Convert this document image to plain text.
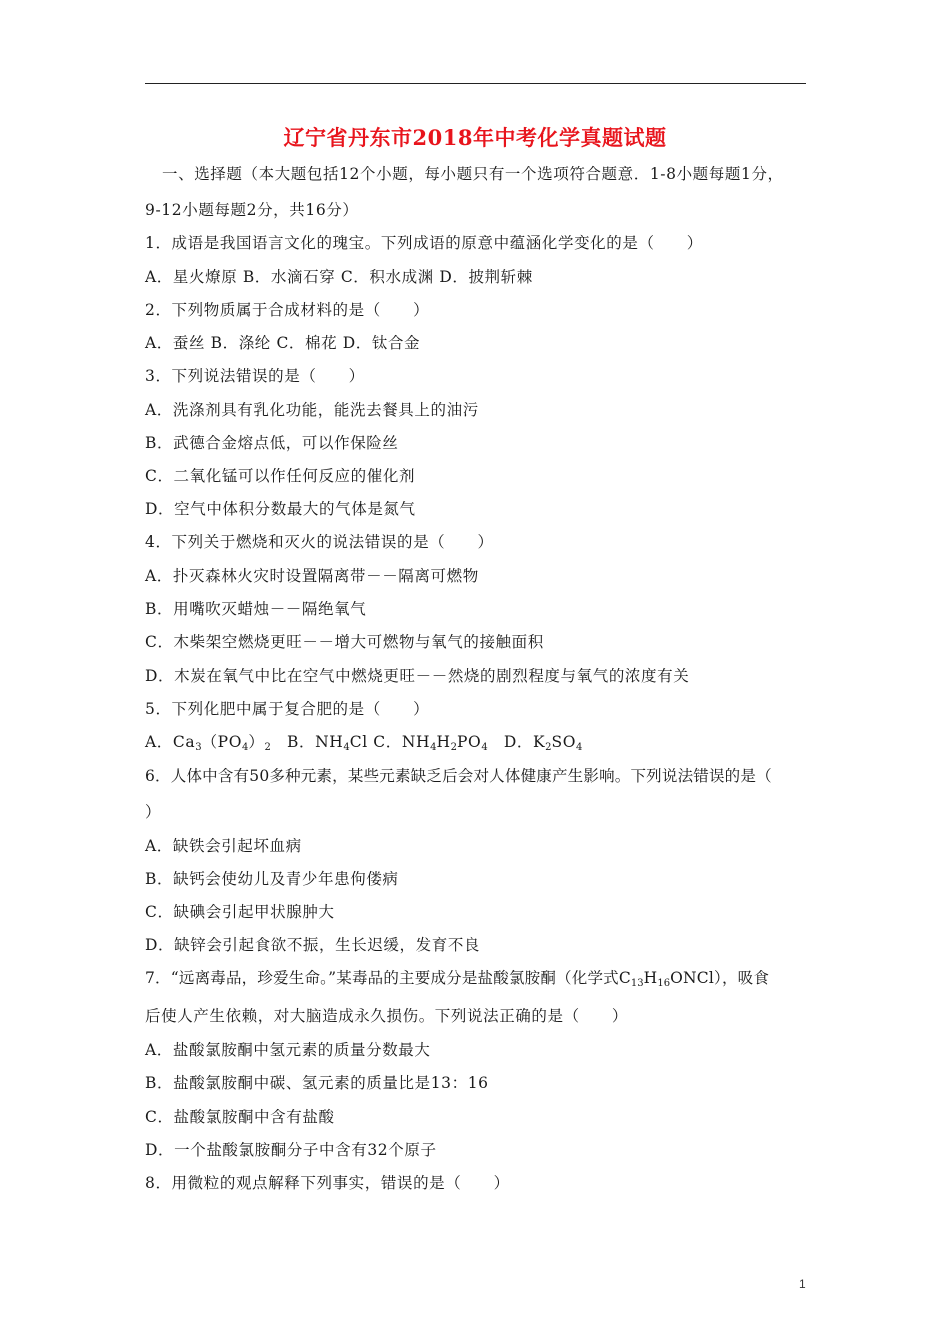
辽宁省丹东市2018年中考化学真题试题
一、选择题（本大题包括12个小题，每小题只有一个选项符合题意．1-8小题每题1分，
9-12小题每题2分，共16分）
1．成语是我国语言文化的瑰宝。下列成语的原意中蕴涵化学变化的是（　　）
A．星火燎原 B．水滴石穿 C．积水成渊 D．披荆斩棘
2．下列物质属于合成材料的是（　　）
A．蚕丝 B．涤纶 C．棉花 D．钛合金
3．下列说法错误的是（　　）
A．洗涤剂具有乳化功能，能洗去餐具上的油污
B．武德合金熔点低，可以作保险丝
C．二氧化锰可以作任何反应的催化剂
D．空气中体积分数最大的气体是氮气
4．下列关于燃烧和灭火的说法错误的是（　　）
A．扑灭森林火灾时设置隔离带－－隔离可燃物
B．用嘴吹灭蜡烛－－隔绝氧气
C．木柴架空燃烧更旺－－增大可燃物与氧气的接触面积
D．木炭在氧气中比在空气中燃烧更旺－－然烧的剧烈程度与氧气的浓度有关
5．下列化肥中属于复合肥的是（　　）
A．$Ca_3(PO_4)_2$　B．$NH_4Cl$ C．$NH_4H_2PO_4$　D．$K_2SO_4$
6．人体中含有50多种元素，某些元素缺乏后会对人体健康产生影响。下列说法错误的是（
）
A．缺铁会引起坏血病
B．缺钙会使幼儿及青少年患佝偻病
C．缺碘会引起甲状腺肿大
D．缺锌会引起食欲不振，生长迟缓，发育不良
7．“远离毒品，珍爱生命。”某毒品的主要成分是盐酸氯胺酮（化学式$C_{13}H_{16}ONCl$），吸食
后使人产生依赖，对大脑造成永久损伤。下列说法正确的是（　　）
A．盐酸氯胺酮中氢元素的质量分数最大
B．盐酸氯胺酮中碳、氢元素的质量比是13：16
C．盐酸氯胺酮中含有盐酸
D．一个盐酸氯胺酮分子中含有32个原子
8．用微粒的观点解释下列事实，错误的是（　　）
1
